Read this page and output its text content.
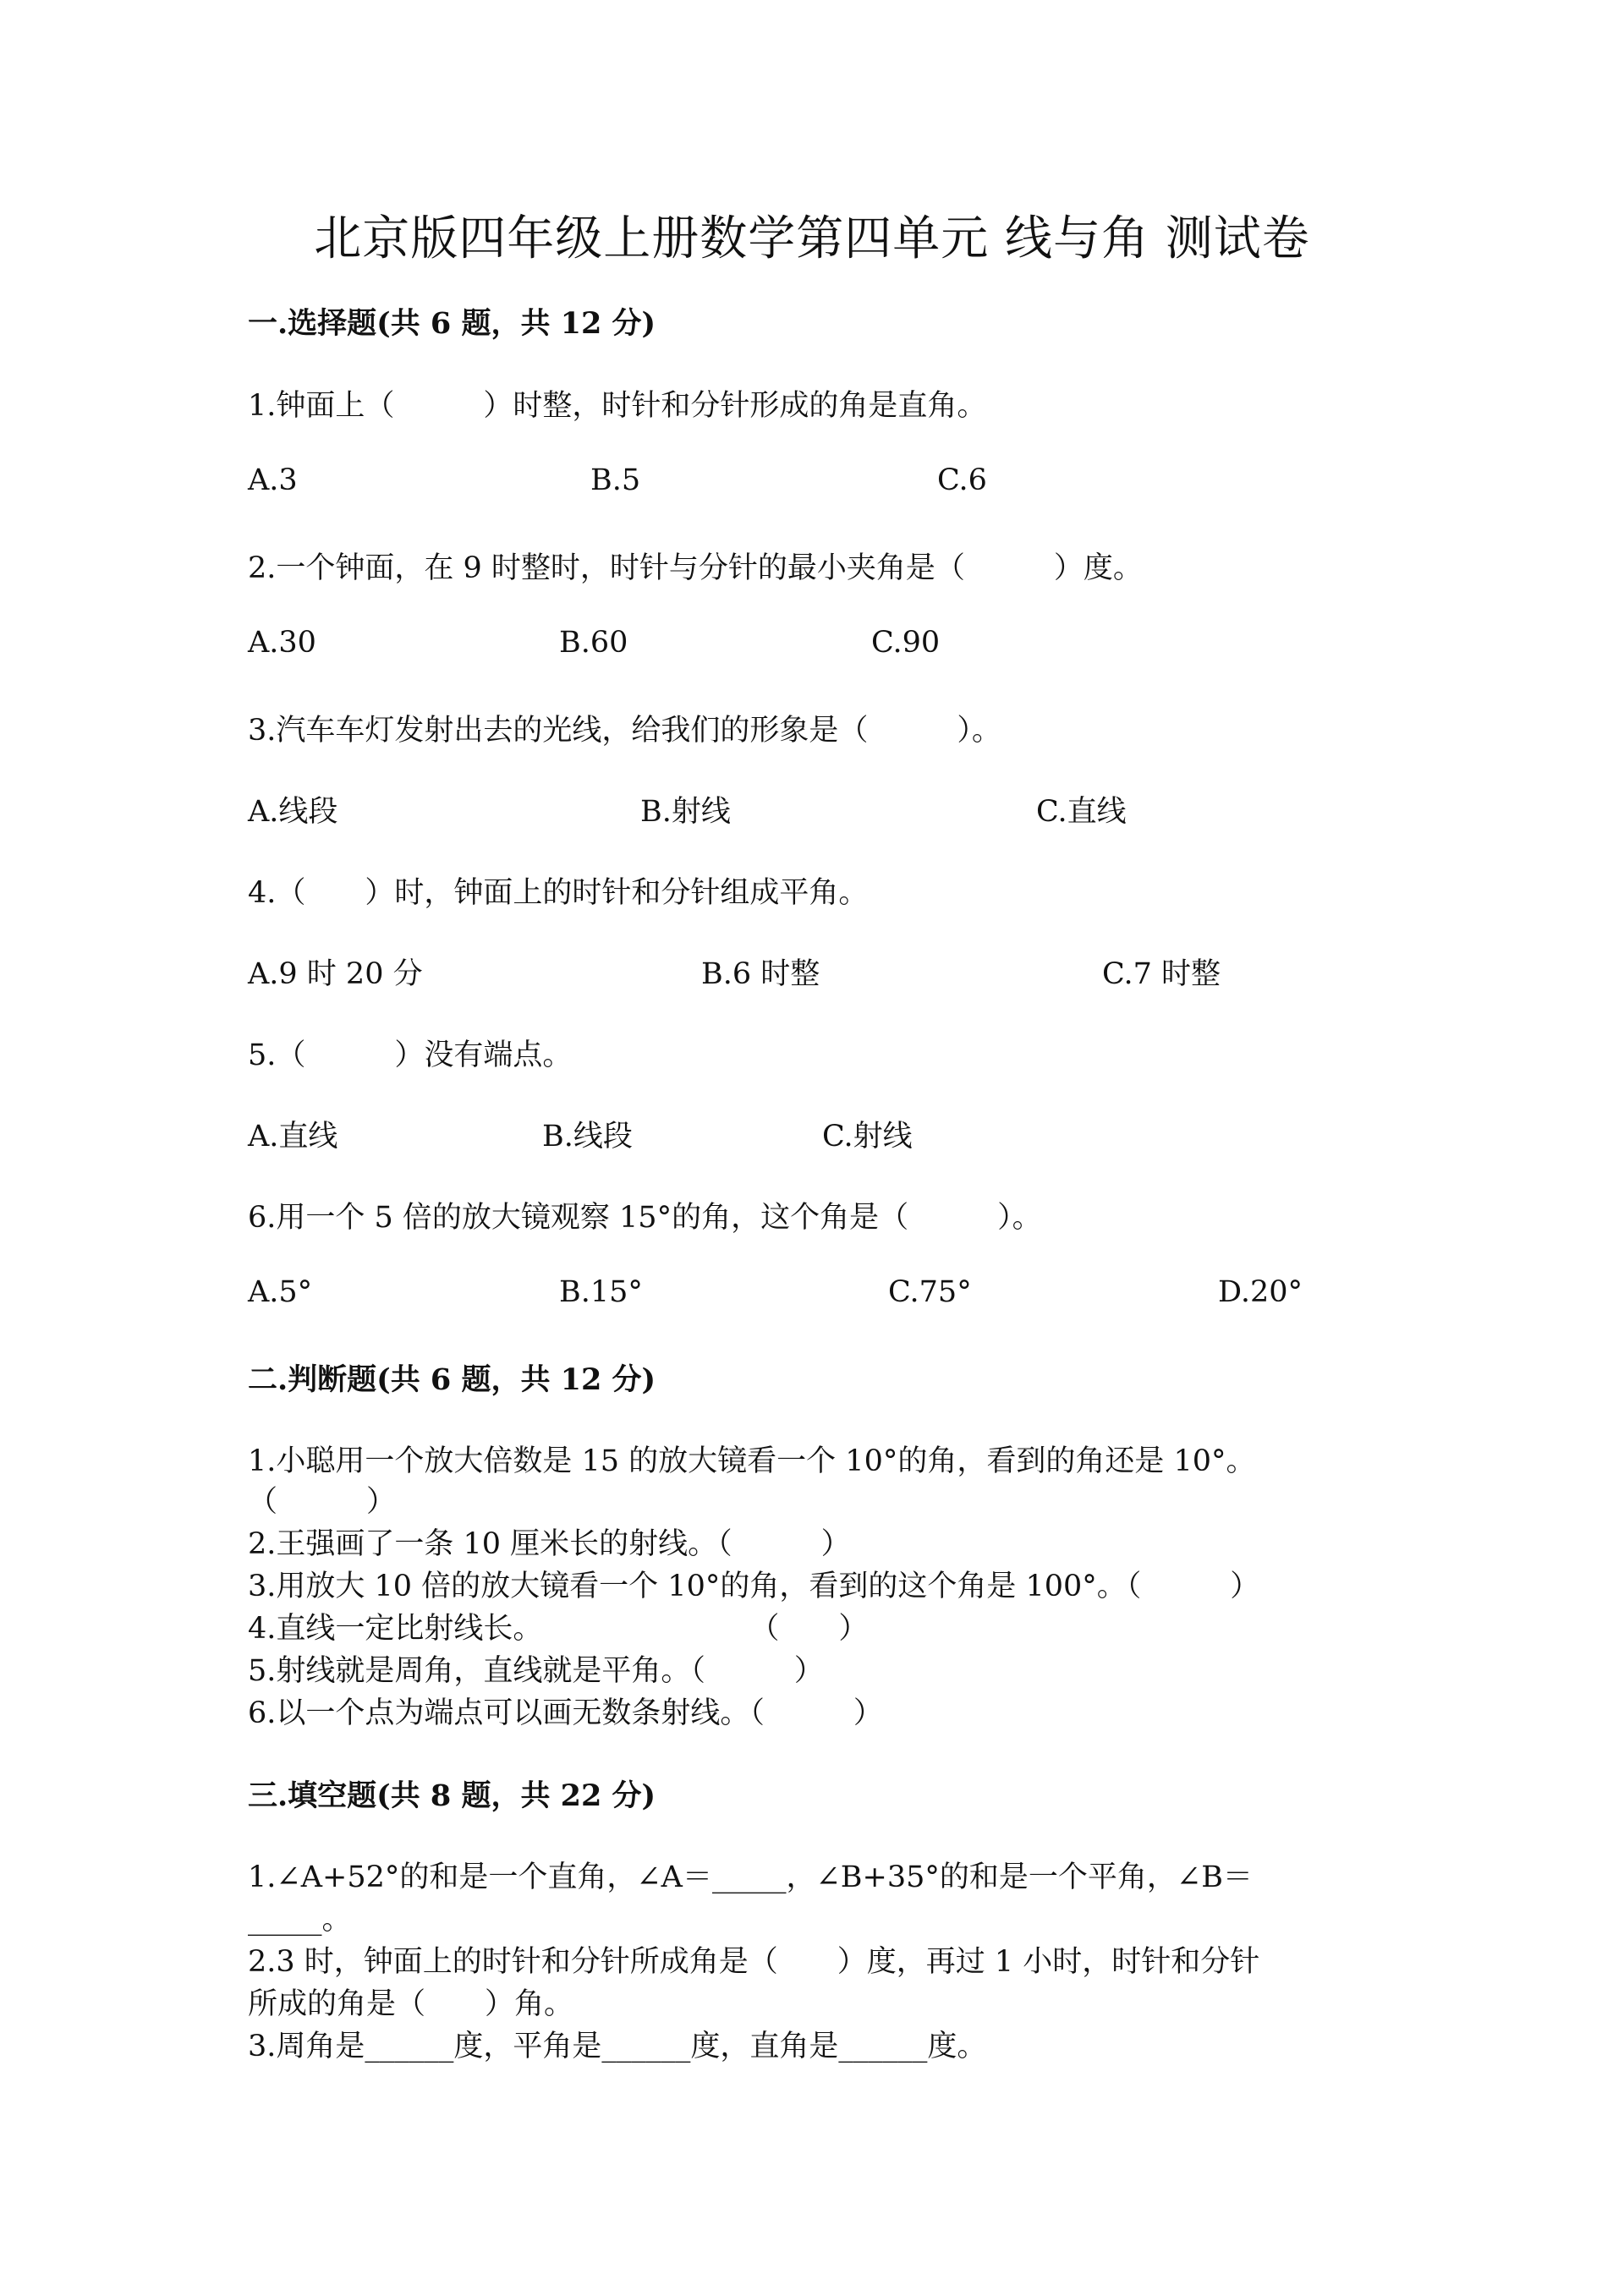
北京版四年级上册数学第四单元 线与角 测试卷
一.选择题(共 6 题，共 12 分)
1.钟面上（　　　）时整，时针和分针形成的角是直角。
A.3	B.5	C.6
2.一个钟面，在 9 时整时，时针与分针的最小夹角是（　　　）度。
A.30	B.60	C.90
3.汽车车灯发射出去的光线，给我们的形象是（　　　）。
A.线段	B.射线	C.直线
4.（　　）时，钟面上的时针和分针组成平角。
A.9 时 20 分	B.6 时整	C.7 时整
5.（　　　）没有端点。
A.直线	B.线段	C.射线
6.用一个 5 倍的放大镜观察 15°的角，这个角是（　　　）。
A.5°	B.15°	C.75°	D.20°
二.判断题(共 6 题，共 12 分)
1.小聪用一个放大倍数是 15 的放大镜看一个 10°的角，看到的角还是 10°。
（　　　）
2.王强画了一条 10 厘米长的射线。（　　　）
3.用放大 10 倍的放大镜看一个 10°的角，看到的这个角是 100°。（　　　）
4.直线一定比射线长。　　　　　　　　（　　）
5.射线就是周角，直线就是平角。（　　　）
6.以一个点为端点可以画无数条射线。（　　　）
三.填空题(共 8 题，共 22 分)
1.∠A+52°的和是一个直角，∠A＝_____，∠B+35°的和是一个平角，∠B＝
_____。
2.3 时，钟面上的时针和分针所成角是（　　）度，再过 1 小时，时针和分针
所成的角是（　　）角。
3.周角是______度，平角是______度，直角是______度。
